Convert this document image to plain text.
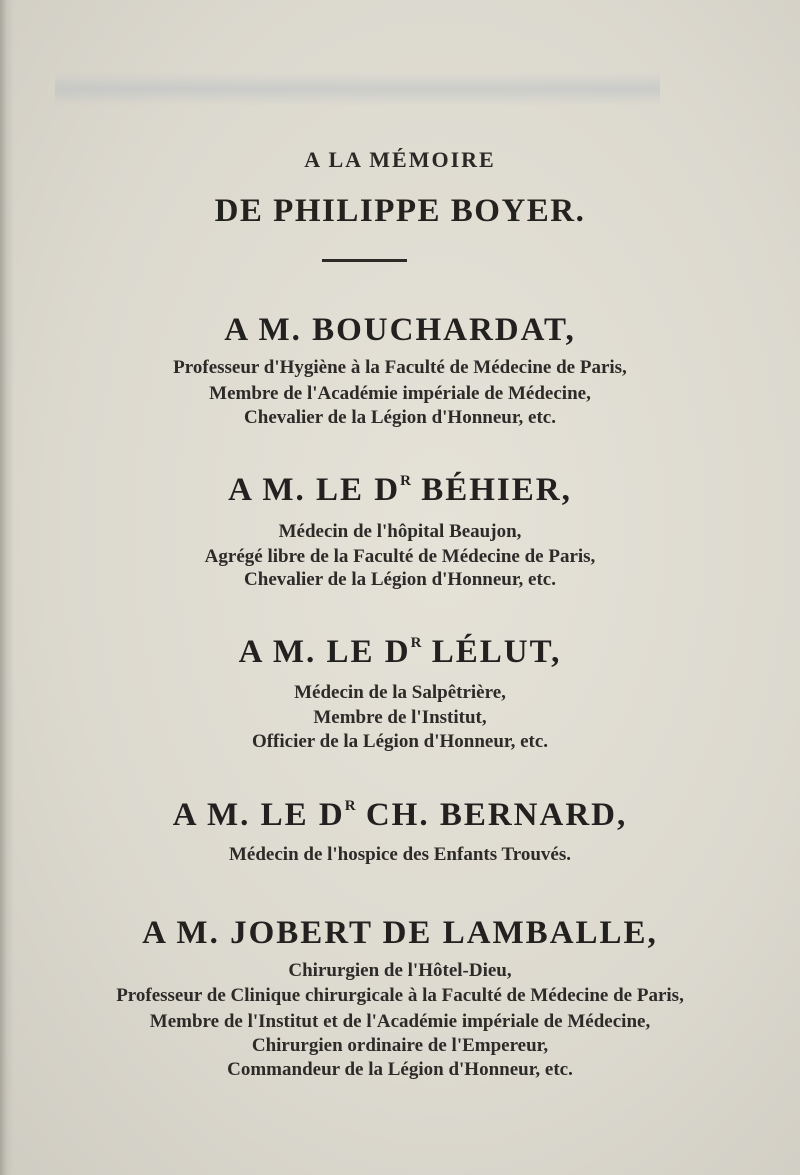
A LA MÉMOIRE
DE PHILIPPE BOYER.
A M. BOUCHARDAT,
Professeur d'Hygiène à la Faculté de Médecine de Paris,
Membre de l'Académie impériale de Médecine,
Chevalier de la Légion d'Honneur, etc.
A M. LE $D^R$ BÉHIER,
Médecin de l'hôpital Beaujon,
Agrégé libre de la Faculté de Médecine de Paris,
Chevalier de la Légion d'Honneur, etc.
A M. LE $D^R$ LÉLUT,
Médecin de la Salpêtrière,
Membre de l'Institut,
Officier de la Légion d'Honneur, etc.
A M. LE $D^R$ CH. BERNARD,
Médecin de l'hospice des Enfants Trouvés.
A M. JOBERT DE LAMBALLE,
Chirurgien de l'Hôtel-Dieu,
Professeur de Clinique chirurgicale à la Faculté de Médecine de Paris,
Membre de l'Institut et de l'Académie impériale de Médecine,
Chirurgien ordinaire de l'Empereur,
Commandeur de la Légion d'Honneur, etc.
